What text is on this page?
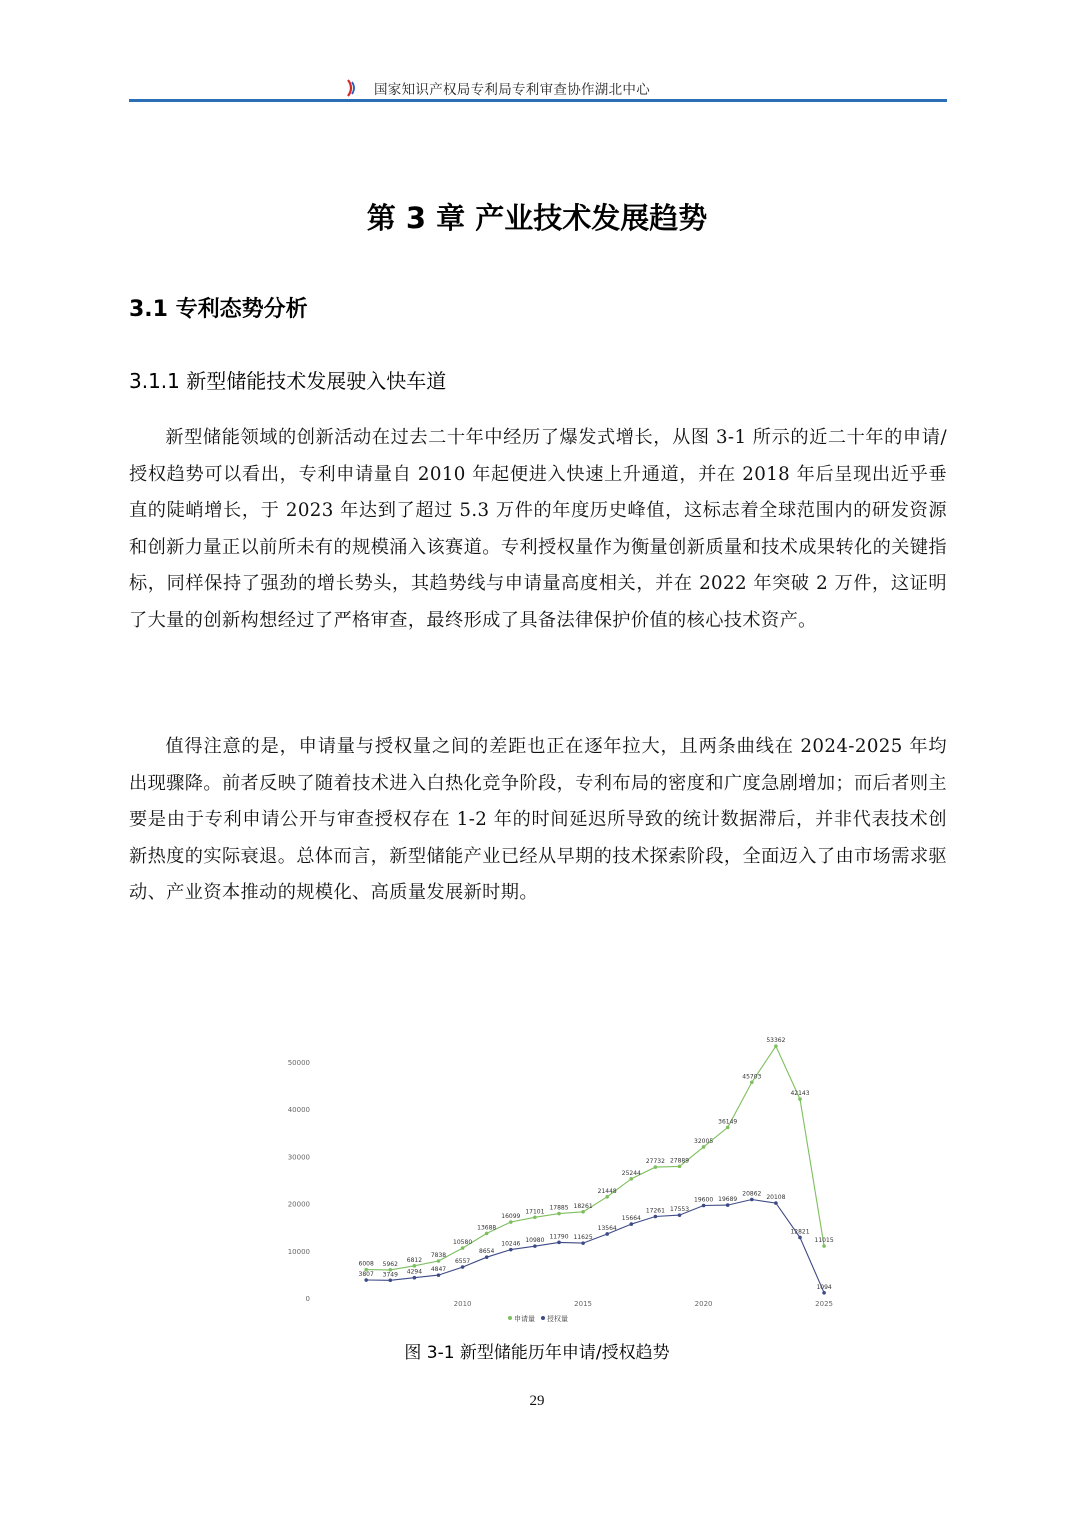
国家知识产权局专利局专利审查协作湖北中心
第 3 章 产业技术发展趋势
3.1 专利态势分析
3.1.1 新型储能技术发展驶入快车道
新型储能领域的创新活动在过去二十年中经历了爆发式增长，从图 3-1 所示的近二十年的申请/授权趋势可以看出，专利申请量自 2010 年起便进入快速上升通道，并在 2018 年后呈现出近乎垂直的陡峭增长，于 2023 年达到了超过 5.3 万件的年度历史峰值，这标志着全球范围内的研发资源和创新力量正以前所未有的规模涌入该赛道。专利授权量作为衡量创新质量和技术成果转化的关键指标，同样保持了强劲的增长势头，其趋势线与申请量高度相关，并在 2022 年突破 2 万件，这证明了大量的创新构想经过了严格审查，最终形成了具备法律保护价值的核心技术资产。
值得注意的是，申请量与授权量之间的差距也正在逐年拉大，且两条曲线在 2024-2025 年均出现骤降。前者反映了随着技术进入白热化竞争阶段，专利布局的密度和广度急剧增加；而后者则主要是由于专利申请公开与审查授权存在 1-2 年的时间延迟所导致的统计数据滞后，并非代表技术创新热度的实际衰退。总体而言，新型储能产业已经从早期的技术探索阶段，全面迈入了由市场需求驱动、产业资本推动的规模化、高质量发展新时期。
0
10000
20000
30000
40000
50000
2010	2015	2020	2025
6008 5962
6812
7838
10580
13688
16099
17101
17885 18261
21448
25244
27732 27889
32005
36149
45703
53362
42143
11015
3807 3749 4294 4847
6557
8654
10246 10980
11790 11625
13564
15664
17261 17553
19600 19689
20862
20108
12821
1094
申请量 授权量
图 3-1 新型储能历年申请/授权趋势
29
